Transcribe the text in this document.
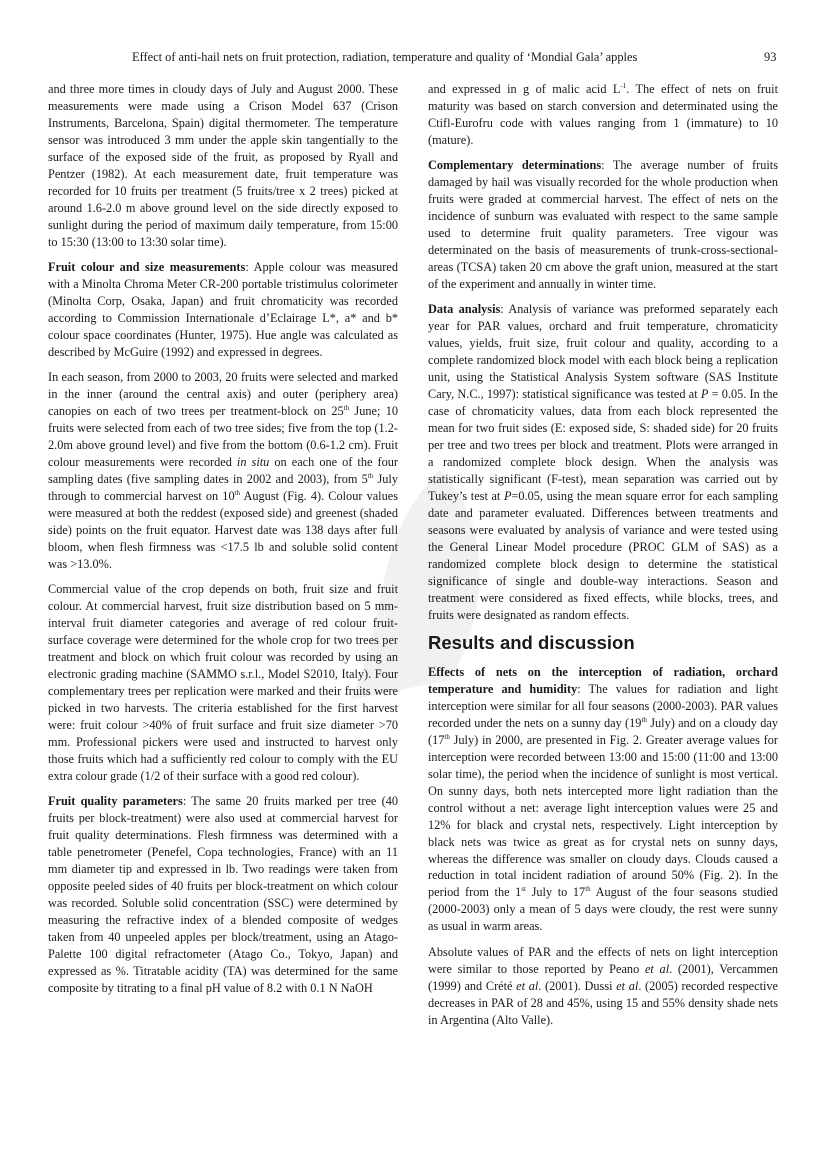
Effect of anti-hail nets on fruit protection, radiation, temperature and quality of ‘Mondial Gala’ apples	93

and three more times in cloudy days of July and August 2000. These measurements were made using a Crison Model 637 (Crison Instruments, Barcelona, Spain) digital thermometer. The temperature sensor was introduced 3 mm under the apple skin tangentially to the surface of the exposed side of the fruit, as proposed by Ryall and Pentzer (1982). At each measurement date, fruit temperature was recorded for 10 fruits per treatment (5 fruits/tree x 2 trees) picked at around 1.6-2.0 m above ground level on the side directly exposed to sunlight during the period of maximum daily temperature, from 15:00 to 15:30 (13:00 to 13:30 solar time).

Fruit colour and size measurements: Apple colour was measured with a Minolta Chroma Meter CR-200 portable tristimulus colorimeter (Minolta Corp, Osaka, Japan) and fruit chromaticity was recorded according to Commission Internationale d’Eclairage L*, a* and b* colour space coordinates (Hunter, 1975). Hue angle was calculated as described by McGuire (1992) and expressed in degrees.

In each season, from 2000 to 2003, 20 fruits were selected and marked in the inner (around the central axis) and outer (periphery area) canopies on each of two trees per treatment-block on 25th June; 10 fruits were selected from each of two tree sides; five from the top (1.2-2.0m above ground level) and five from the bottom (0.6-1.2 cm). Fruit colour measurements were recorded in situ on each one of the four sampling dates (five sampling dates in 2002 and 2003), from 5th July through to commercial harvest on 10th August (Fig. 4). Colour values were measured at both the reddest (exposed side) and greenest (shaded side) points on the fruit equator. Harvest date was 138 days after full bloom, when flesh firmness was <17.5 lb and soluble solid content was >13.0%.

Commercial value of the crop depends on both, fruit size and fruit colour. At commercial harvest, fruit size distribution based on 5 mm-interval fruit diameter categories and average of red colour fruit-surface coverage were determined for the whole crop for two trees per treatment and block on which fruit colour was recorded by using an electronic grading machine (SAMMO s.r.l., Model S2010, Italy). Four complementary trees per replication were marked and their fruits were picked in two harvests. The criteria established for the first harvest were: fruit colour >40% of fruit surface and fruit size diameter >70 mm. Professional pickers were used and instructed to harvest only those fruits which had a sufficiently red colour to comply with the EU extra colour grade (1/2 of their surface with a good red colour).

Fruit quality parameters: The same 20 fruits marked per tree (40 fruits per block-treatment) were also used at commercial harvest for fruit quality determinations. Flesh firmness was determined with a table penetrometer (Penefel, Copa technologies, France) with an 11 mm diameter tip and expressed in lb. Two readings were taken from opposite peeled sides of 40 fruits per block-treatment on which colour was recorded. Soluble solid concentration (SSC) were determined by measuring the refractive index of a blended composite of wedges taken from 40 unpeeled apples per block/treatment, using an Atago-Palette 100 digital refractometer (Atago Co., Tokyo, Japan) and expressed as %. Titratable acidity (TA) was determined for the same composite by titrating to a final pH value of 8.2 with 0.1 N NaOH

and expressed in g of malic acid $L^{-1}$. The effect of nets on fruit maturity was based on starch conversion and determinated using the Ctifl-Eurofru code with values ranging from 1 (immature) to 10 (mature).

Complementary determinations: The average number of fruits damaged by hail was visually recorded for the whole production when fruits were graded at commercial harvest. The effect of nets on the incidence of sunburn was evaluated with respect to the same sample used to determine fruit quality parameters. Tree vigour was determinated on the basis of measurements of trunk-cross-sectional-areas (TCSA) taken 20 cm above the graft union, measured at the start of the experiment and annually in winter time.

Data analysis: Analysis of variance was preformed separately each year for PAR values, orchard and fruit temperature, chromaticity values, yields, fruit size, fruit colour and quality, according to a complete randomized block model with each block being a replication unit, using the Statistical Analysis System software (SAS Institute Cary, N.C., 1997): statistical significance was tested at P = 0.05. In the case of chromaticity values, data from each block represented the mean for two fruit sides (E: exposed side, S: shaded side) for 20 fruits per tree and two trees per block and treatment. Plots were arranged in a randomized complete block design. When the analysis was statistically significant (F-test), mean separation was carried out by Tukey’s test at P=0.05, using the mean square error for each sampling date and parameter evaluated. Differences between treatments and seasons were evaluated by analysis of variance and were tested using the General Linear Model procedure (PROC GLM of SAS) as a randomized complete block design to determine the statistical significance of single and double-way interactions. Season and treatment were considered as fixed effects, while blocks, trees, and fruits were designated as random effects.

Results and discussion

Effects of nets on the interception of radiation, orchard temperature and humidity: The values for radiation and light interception were similar for all four seasons (2000-2003). PAR values recorded under the nets on a sunny day (19th July) and on a cloudy day (17th July) in 2000, are presented in Fig. 2. Greater average values for interception were recorded between 13:00 and 15:00 (11:00 and 13:00 solar time), the period when the incidence of sunlight is most vertical. On sunny days, both nets intercepted more light radiation than the control without a net: average light interception values were 25 and 12% for black and crystal nets, respectively. Light interception by black nets was twice as great as for crystal nets on sunny days, whereas the difference was smaller on cloudy days. Clouds caused a reduction in total incident radiation of around 50% (Fig. 2). In the period from the 1st July to 17th August of the four seasons studied (2000-2003) only a mean of 5 days were cloudy, the rest were sunny as usual in warm areas.

Absolute values of PAR and the effects of nets on light interception were similar to those reported by Peano et al. (2001), Vercammen (1999) and Crété et al. (2001). Dussi et al. (2005) recorded respective decreases in PAR of 28 and 45%, using 15 and 55% density shade nets in Argentina (Alto Valle).
